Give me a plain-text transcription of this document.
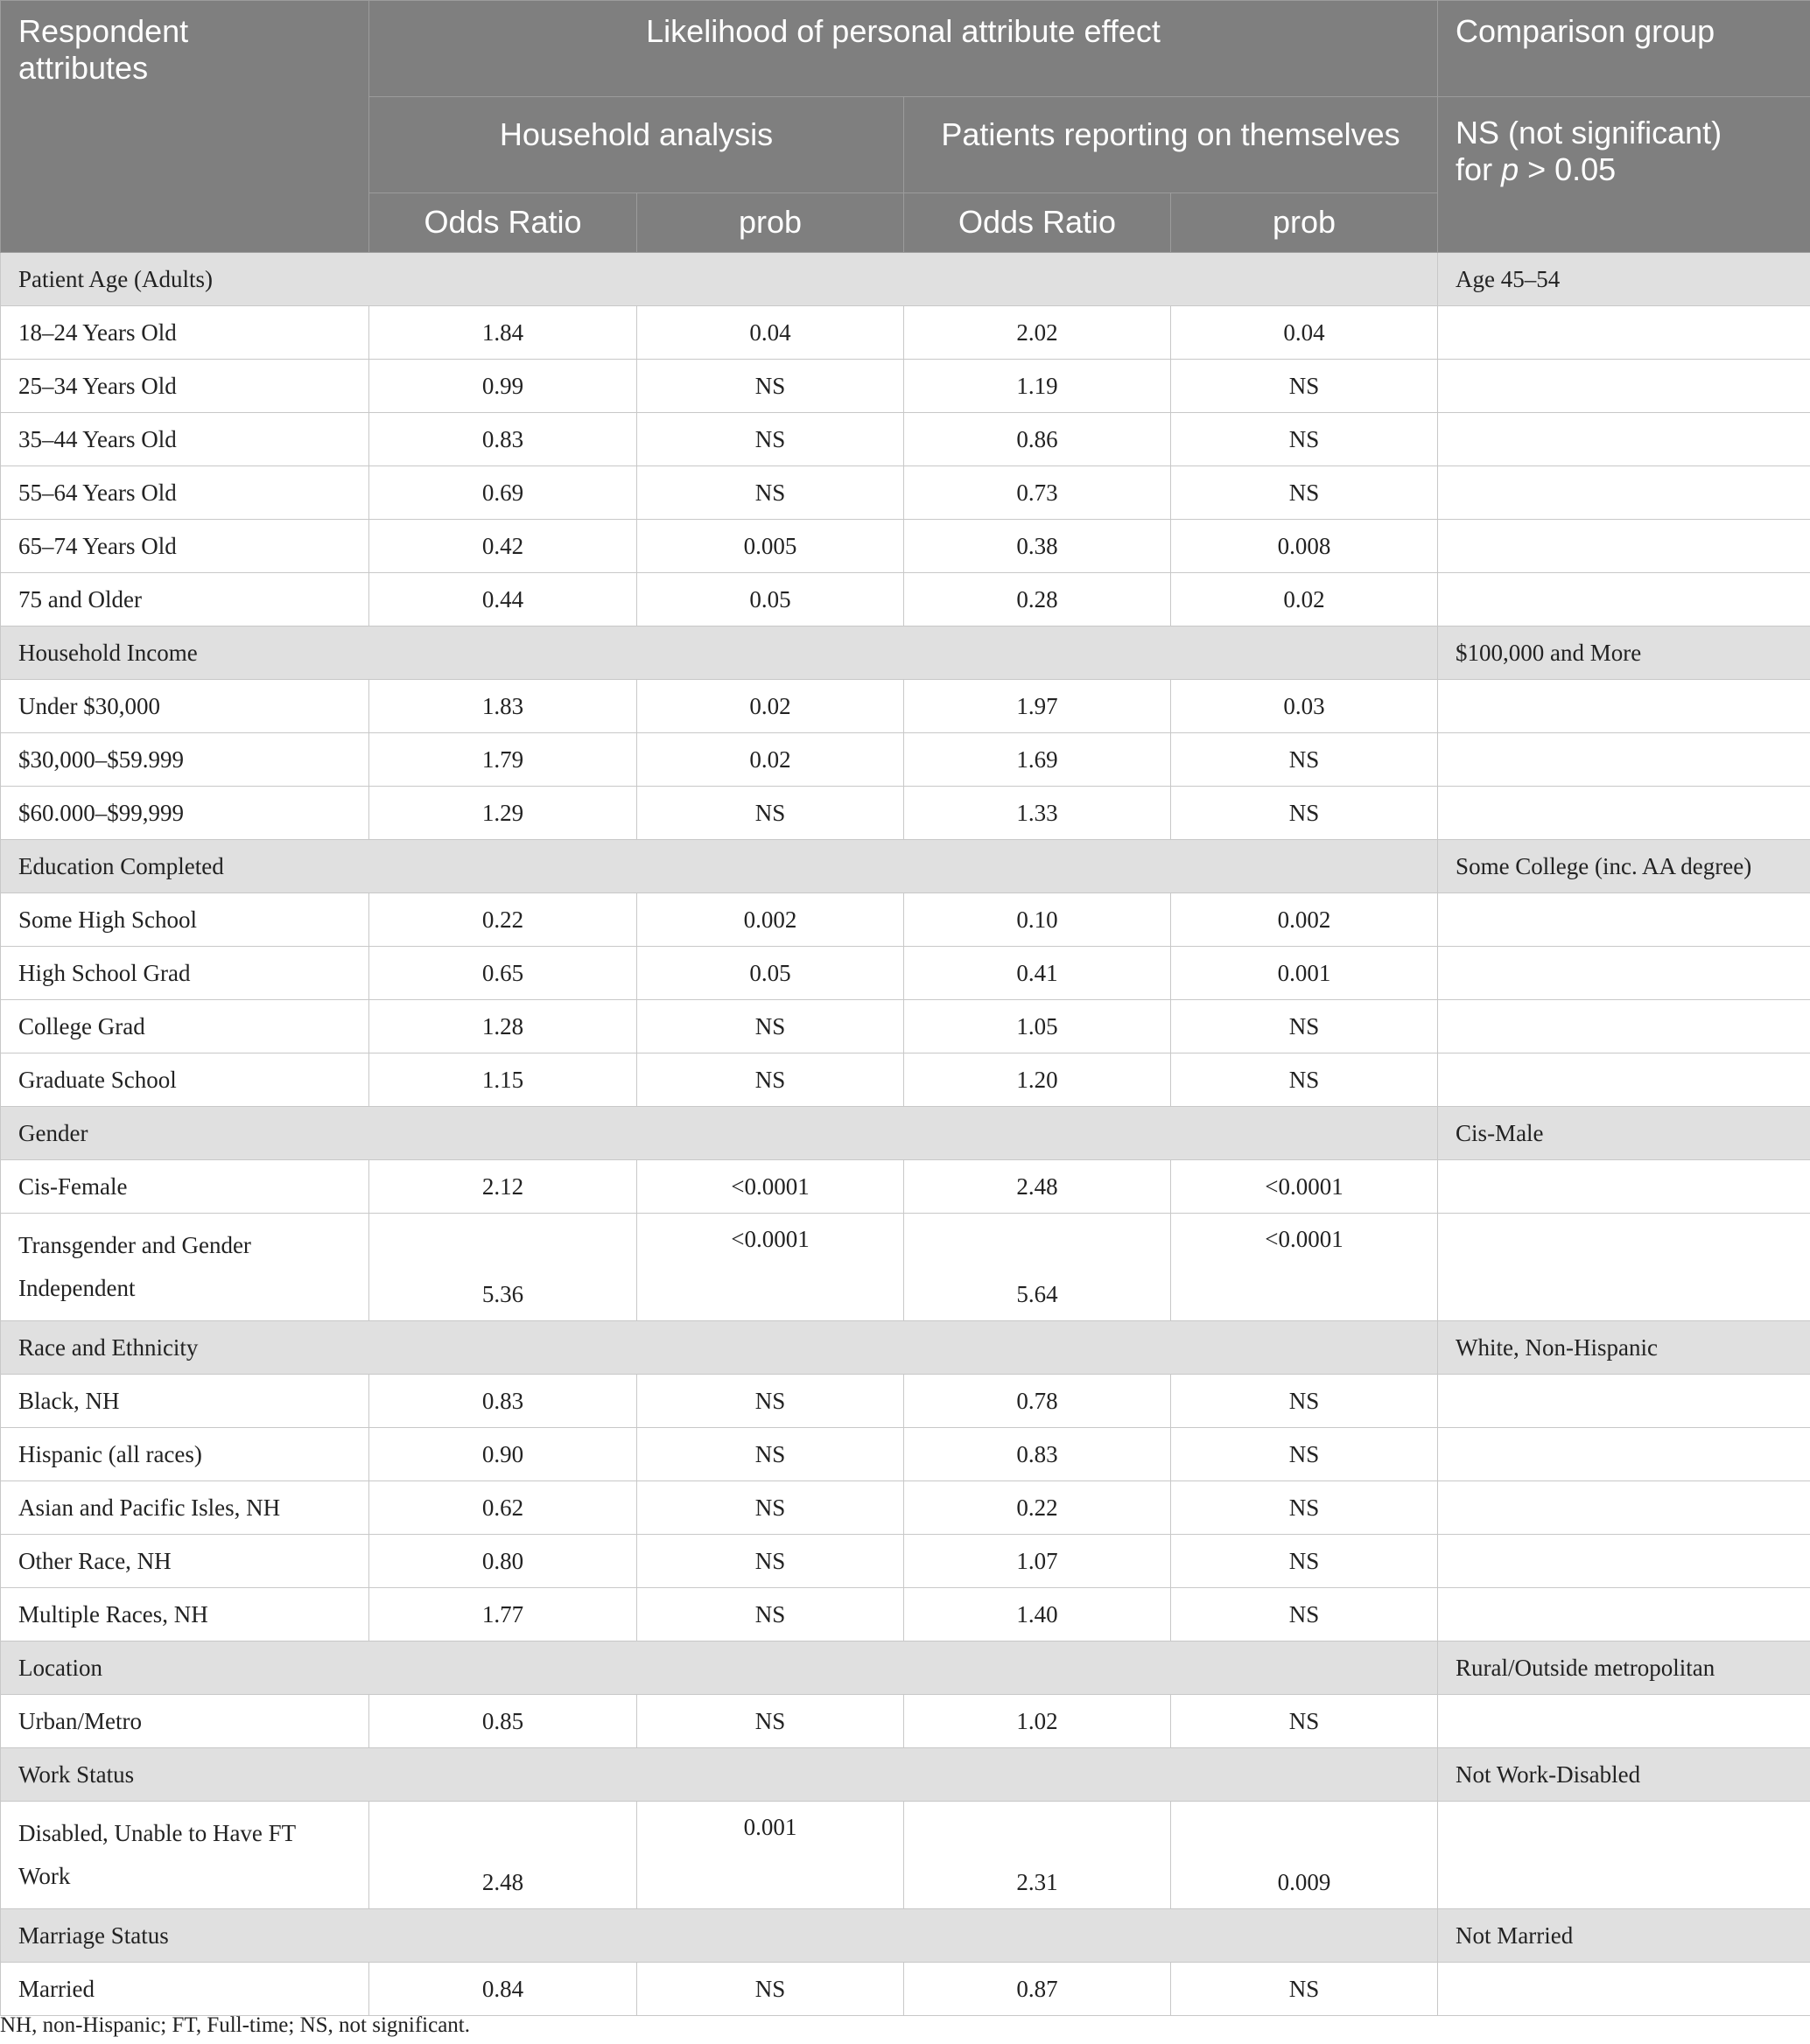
Respondent
attributes	Likelihood of personal attribute effect				Comparison group
	Household analysis		Patients reporting on themselves		NS (not significant)
for p > 0.05
	Odds Ratio	prob	Odds Ratio	prob	
Patient Age (Adults)					Age 45–54
18–24 Years Old	1.84	0.04	2.02	0.04	
25–34 Years Old	0.99	NS	1.19	NS	
35–44 Years Old	0.83	NS	0.86	NS	
55–64 Years Old	0.69	NS	0.73	NS	
65–74 Years Old	0.42	0.005	0.38	0.008	
75 and Older	0.44	0.05	0.28	0.02	
Household Income					$100,000 and More
Under $30,000	1.83	0.02	1.97	0.03	
$30,000–$59.999	1.79	0.02	1.69	NS	
$60.000–$99,999	1.29	NS	1.33	NS	
Education Completed					Some College (inc. AA degree)
Some High School	0.22	0.002	0.10	0.002	
High School Grad	0.65	0.05	0.41	0.001	
College Grad	1.28	NS	1.05	NS	
Graduate School	1.15	NS	1.20	NS	
Gender					Cis-Male
Cis-Female	2.12	<0.0001	2.48	<0.0001	
Transgender and Gender
Independent	5.36	<0.0001	5.64	<0.0001	
Race and Ethnicity					White, Non-Hispanic
Black, NH	0.83	NS	0.78	NS	
Hispanic (all races)	0.90	NS	0.83	NS	
Asian and Pacific Isles, NH	0.62	NS	0.22	NS	
Other Race, NH	0.80	NS	1.07	NS	
Multiple Races, NH	1.77	NS	1.40	NS	
Location					Rural/Outside metropolitan
Urban/Metro	0.85	NS	1.02	NS	
Work Status					Not Work-Disabled
Disabled, Unable to Have FT
Work	2.48	0.001	2.31	0.009	
Marriage Status					Not Married
Married	0.84	NS	0.87	NS	
NH, non-Hispanic; FT, Full-time; NS, not significant.
